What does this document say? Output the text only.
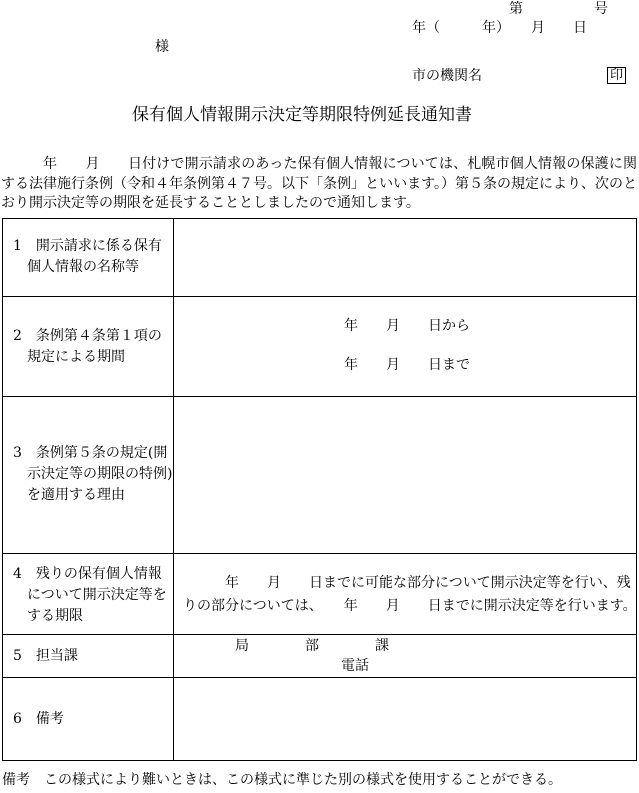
第	号
年（　　　年）　　月　　日
様
市の機関名	印
保有個人情報開示決定等期限特例延長通知書
年　　月　　日付けで開示請求のあった保有個人情報については、札幌市個人情報の保護に関する法律施行条例（令和４年条例第４７号。以下「条例」といいます。）第５条の規定により、次のとおり開示決定等の期限を延長することとしましたので通知します。
1　開示請求に係る保有
　個人情報の名称等
2　条例第４条第１項の
　規定による期間
年　　月　　日から
年　　月　　日まで
3　条例第５条の規定(開
　示決定等の期限の特例)
　を適用する理由
4　残りの保有個人情報
　について開示決定等を
　する期限
年　　月　　日までに可能な部分について開示決定等を行い、残
りの部分については、　　年　　月　　日までに開示決定等を行います。
5　担当課
局　　　　部　　　　課
電話
6　備考
備考　この様式により難いときは、この様式に準じた別の様式を使用することができる。
